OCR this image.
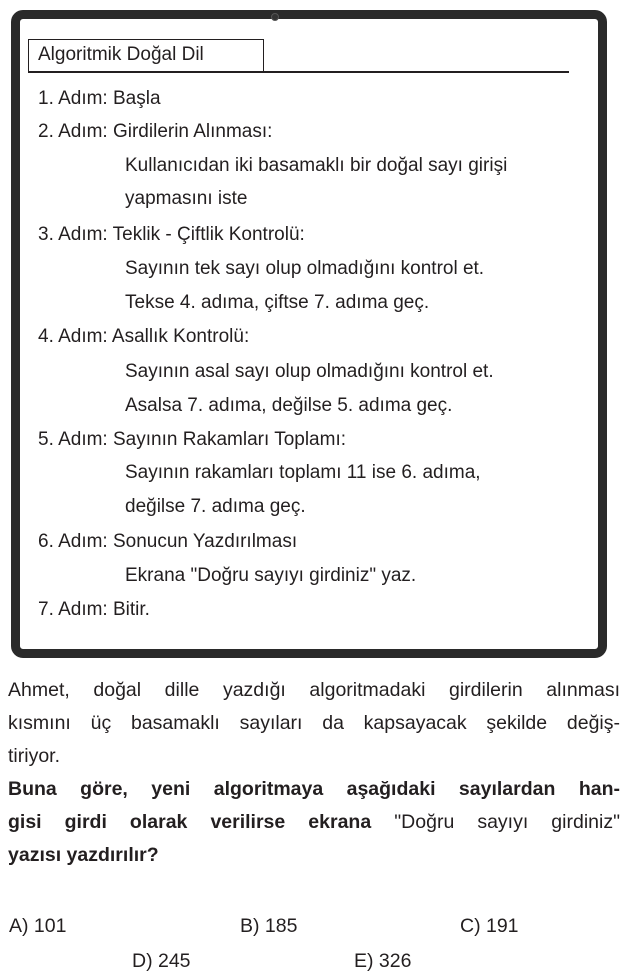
Algoritmik Doğal Dil
1. Adım: Başla
2. Adım: Girdilerin Alınması:
Kullanıcıdan iki basamaklı bir doğal sayı girişi
yapmasını iste
3. Adım: Teklik - Çiftlik Kontrolü:
Sayının tek sayı olup olmadığını kontrol et.
Tekse 4. adıma, çiftse 7. adıma geç.
4. Adım: Asallık Kontrolü:
Sayının asal sayı olup olmadığını kontrol et.
Asalsa 7. adıma, değilse 5. adıma geç.
5. Adım: Sayının Rakamları Toplamı:
Sayının rakamları toplamı 11 ise 6. adıma,
değilse 7. adıma geç.
6. Adım: Sonucun Yazdırılması
Ekrana "Doğru sayıyı girdiniz" yaz.
7. Adım: Bitir.

Ahmet, doğal dille yazdığı algoritmadaki girdilerin alınması

kısmını üç basamaklı sayıları da kapsayacak şekilde değiş-

tiriyor.

Buna göre, yeni algoritmaya aşağıdaki sayılardan han-

gisi girdi olarak verilirse ekrana "Doğru sayıyı girdiniz"

yazısı yazdırılır?

A) 101	B) 185	C) 191
D) 245	E) 326
